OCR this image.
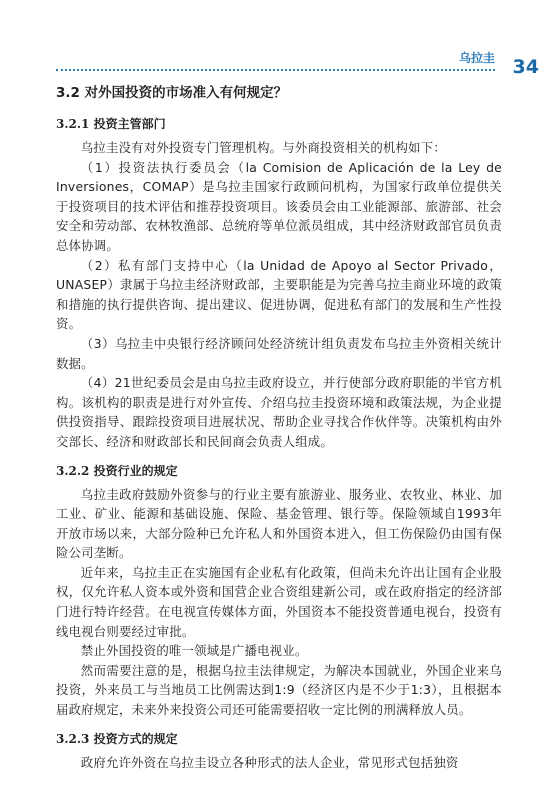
乌拉圭 34
3.2 对外国投资的市场准入有何规定？
3.2.1 投资主管部门

乌拉圭没有对外投资专门管理机构。与外商投资相关的机构如下：

（1）投资法执行委员会（la Comision de Aplicación de la Ley de Inversiones，COMAP）是乌拉圭国家行政顾问机构，为国家行政单位提供关于投资项目的技术评估和推荐投资项目。该委员会由工业能源部、旅游部、社会安全和劳动部、农林牧渔部、总统府等单位派员组成，其中经济财政部官员负责总体协调。

（2）私有部门支持中心（la Unidad de Apoyo al Sector Privado，UNASEP）隶属于乌拉圭经济财政部，主要职能是为完善乌拉圭商业环境的政策和措施的执行提供咨询、提出建议、促进协调，促进私有部门的发展和生产性投资。

（3）乌拉圭中央银行经济顾问处经济统计组负责发布乌拉圭外资相关统计数据。

（4）21世纪委员会是由乌拉圭政府设立，并行使部分政府职能的半官方机构。该机构的职责是进行对外宣传、介绍乌拉圭投资环境和政策法规，为企业提供投资指导、跟踪投资项目进展状况、帮助企业寻找合作伙伴等。决策机构由外交部长、经济和财政部长和民间商会负责人组成。

3.2.2 投资行业的规定

乌拉圭政府鼓励外资参与的行业主要有旅游业、服务业、农牧业、林业、加工业、矿业、能源和基础设施、保险、基金管理、银行等。保险领域自1993年开放市场以来，大部分险种已允许私人和外国资本进入，但工伤保险仍由国有保险公司垄断。

近年来，乌拉圭正在实施国有企业私有化政策，但尚未允许出让国有企业股权，仅允许私人资本或外资和国营企业合资组建新公司，或在政府指定的经济部门进行特许经营。在电视宣传媒体方面，外国资本不能投资普通电视台，投资有线电视台则要经过审批。

禁止外国投资的唯一领域是广播电视业。

然而需要注意的是，根据乌拉圭法律规定，为解决本国就业，外国企业来乌投资，外来员工与当地员工比例需达到1:9（经济区内是不少于1:3），且根据本届政府规定，未来外来投资公司还可能需要招收一定比例的刑满释放人员。

3.2.3 投资方式的规定

政府允许外资在乌拉圭设立各种形式的法人企业，常见形式包括独资
